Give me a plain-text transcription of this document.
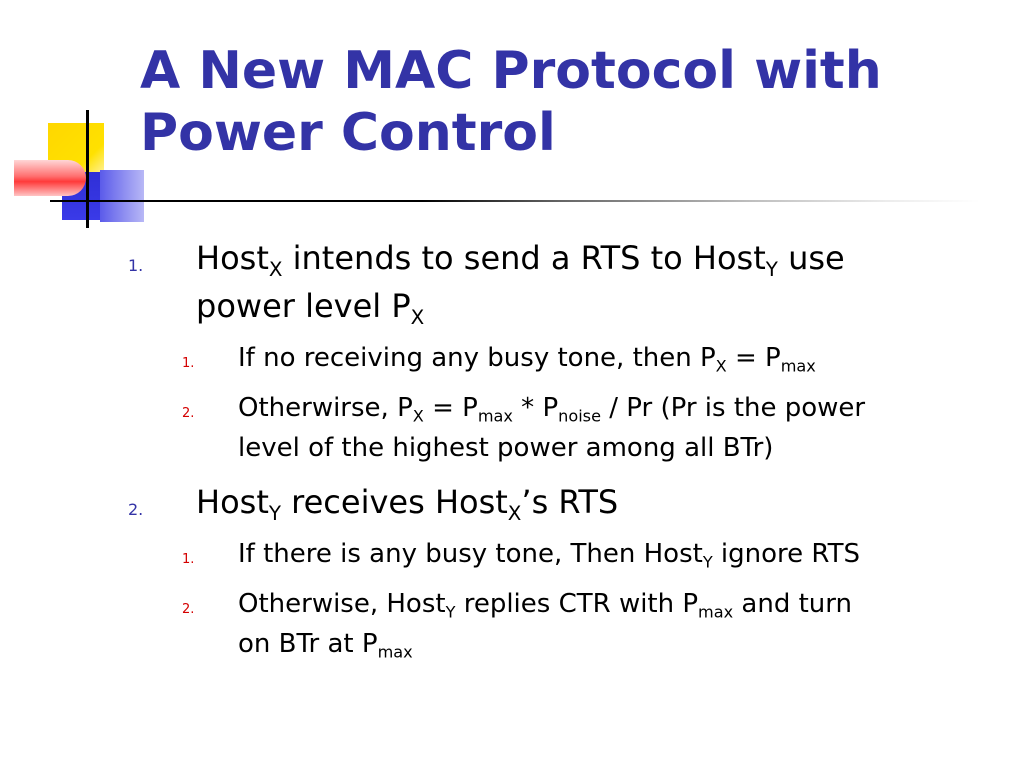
A New MAC Protocol with
Power Control
1. Host$_X$ intends to send a RTS to Host$_Y$ use
power level $P_X$
1. If no receiving any busy tone, then $P_X = P_{max}$
2. Otherwirse, $P_X = P_{max} * P_{noise} / Pr$ (Pr is the power
level of the highest power among all BTr)
2. Host$_Y$ receives Host$_X$’s RTS
1. If there is any busy tone, Then Host$_Y$ ignore RTS
2. Otherwise, Host$_Y$ replies CTR with $P_{max}$ and turn
on BTr at $P_{max}$
